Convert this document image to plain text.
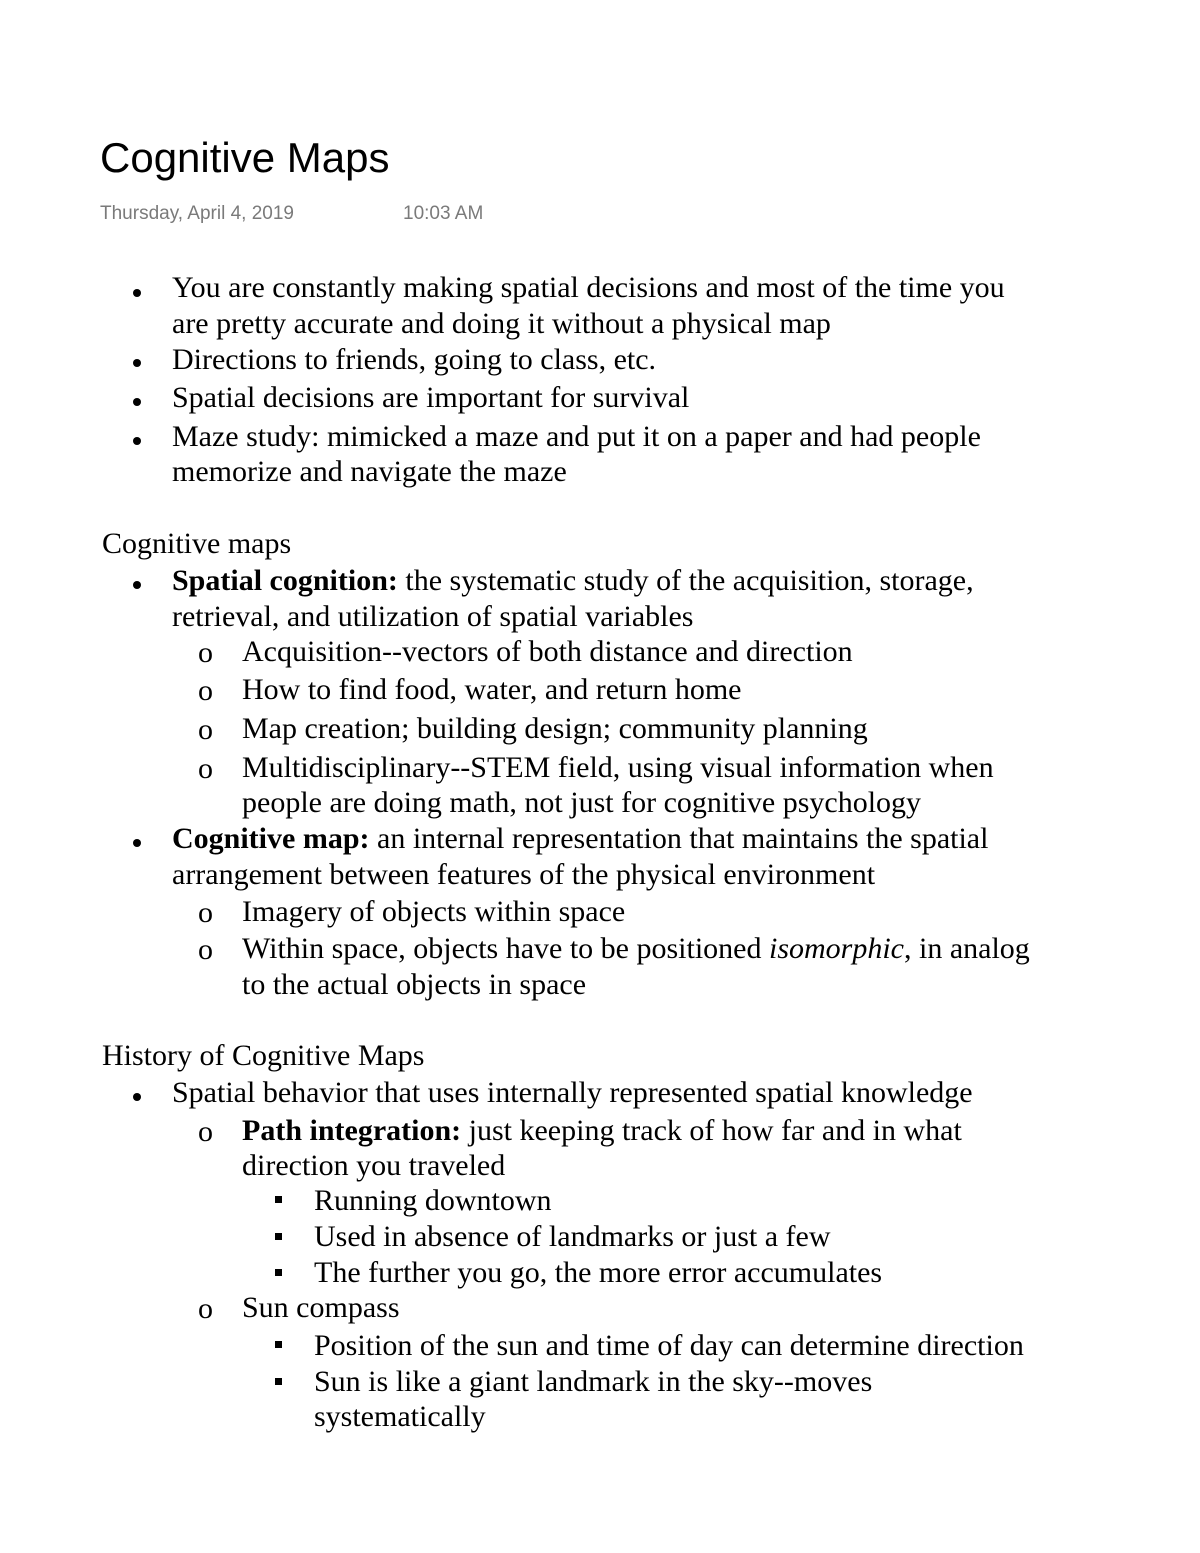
Cognitive Maps
Thursday, April 4, 2019	10:03 AM
You are constantly making spatial decisions and most of the time you
are pretty accurate and doing it without a physical map
Directions to friends, going to class, etc.
Spatial decisions are important for survival
Maze study: mimicked a maze and put it on a paper and had people
memorize and navigate the maze
Cognitive maps
Spatial cognition: the systematic study of the acquisition, storage,
retrieval, and utilization of spatial variables
o Acquisition--vectors of both distance and direction
o How to find food, water, and return home
o Map creation; building design; community planning
o Multidisciplinary--STEM field, using visual information when
people are doing math, not just for cognitive psychology
Cognitive map: an internal representation that maintains the spatial
arrangement between features of the physical environment
o Imagery of objects within space
o Within space, objects have to be positioned isomorphic, in analog
to the actual objects in space
History of Cognitive Maps
Spatial behavior that uses internally represented spatial knowledge
o Path integration: just keeping track of how far and in what
direction you traveled
Running downtown
Used in absence of landmarks or just a few
The further you go, the more error accumulates
o Sun compass
Position of the sun and time of day can determine direction
Sun is like a giant landmark in the sky--moves
systematically
